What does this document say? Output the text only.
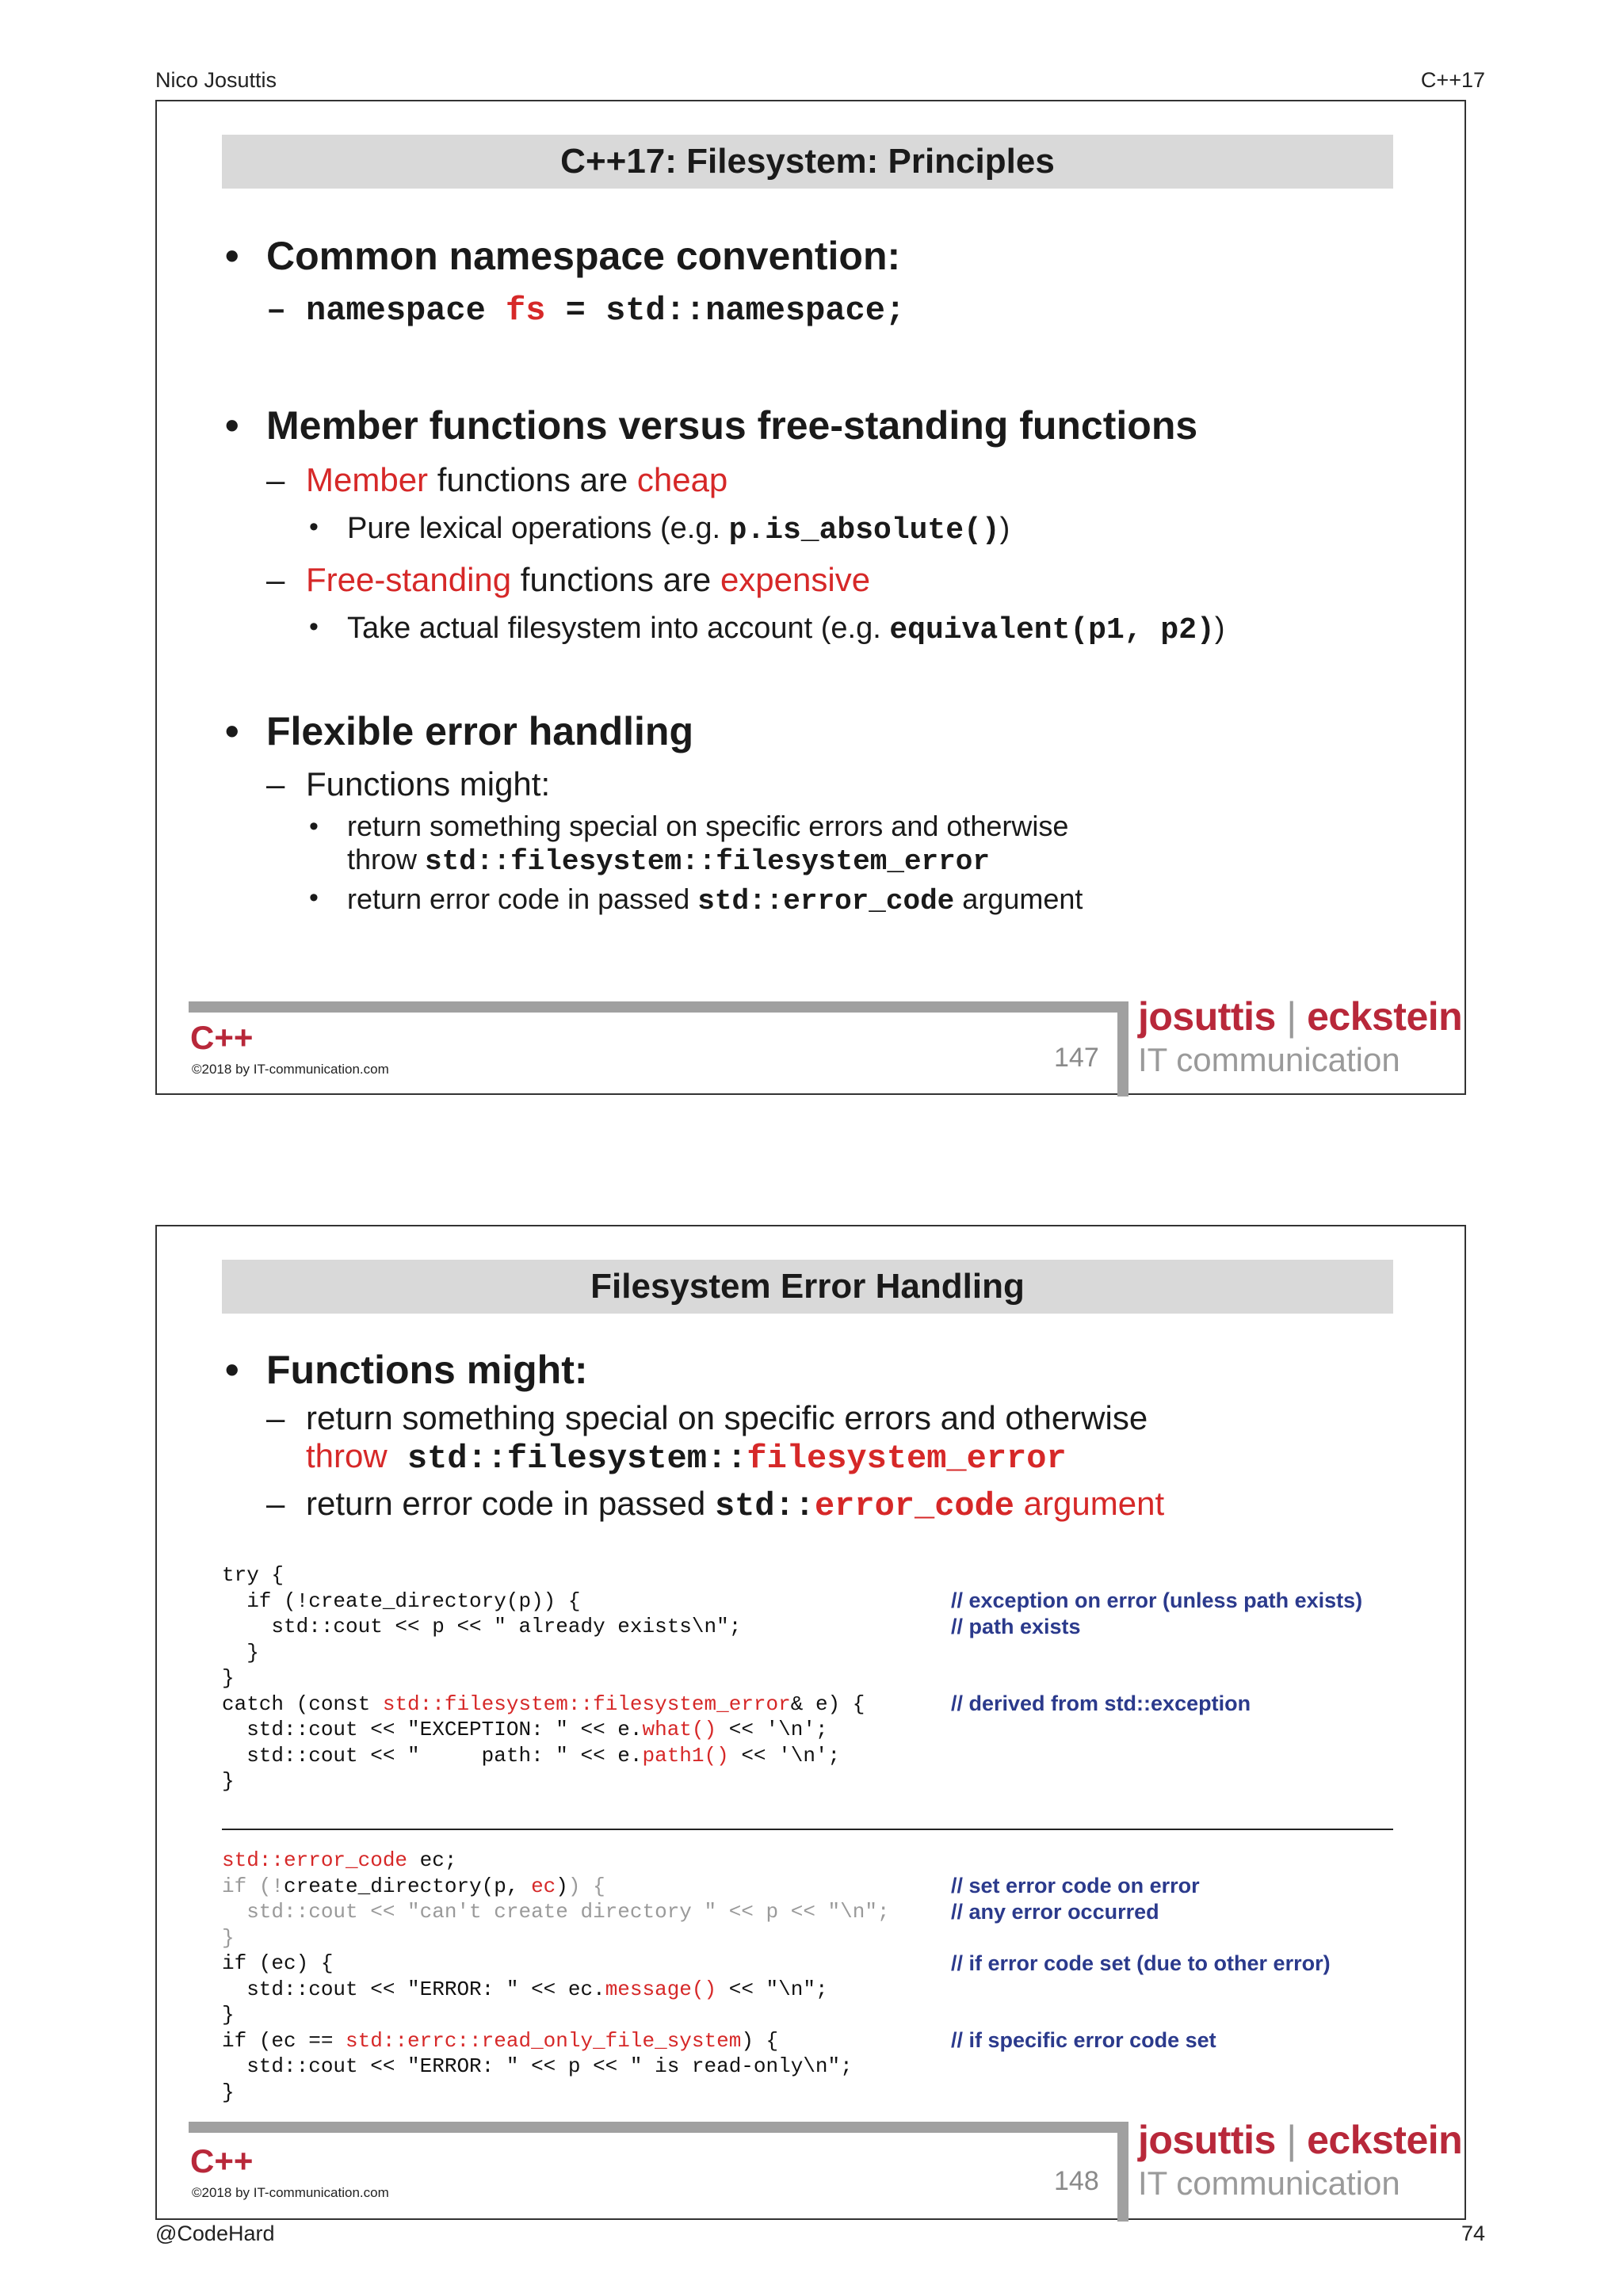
Nico Josuttis	C++17
C++17: Filesystem: Principles
• Common namespace convention:
– namespace fs = std::namespace;
• Member functions versus free-standing functions
– Member functions are cheap
• Pure lexical operations (e.g. p.is_absolute())
– Free-standing functions are expensive
• Take actual filesystem into account (e.g. equivalent(p1, p2))
• Flexible error handling
– Functions might:
• return something special on specific errors and otherwise
throw std::filesystem::filesystem_error
• return error code in passed std::error_code argument
C++
©2018 by IT-communication.com	147
josuttis | eckstein
IT communication
Filesystem Error Handling
• Functions might:
– return something special on specific errors and otherwise
throw std::filesystem::filesystem_error
– return error code in passed std::error_code argument
try {
if (!create_directory(p)) {
std::cout << p << " already exists\n";
}
}
catch (const std::filesystem::filesystem_error& e) {
std::cout << "EXCEPTION: " << e.what() << '\n';
std::cout << "     path: " << e.path1() << '\n';
}
// exception on error (unless path exists)
// path exists
// derived from std::exception
std::error_code ec;
if (!create_directory(p, ec)) {
std::cout << "can't create directory " << p << "\n";
}
if (ec) {
std::cout << "ERROR: " << ec.message() << "\n";
}
if (ec == std::errc::read_only_file_system) {
std::cout << "ERROR: " << p << " is read-only\n";
}
// set error code on error
// any error occurred
// if error code set (due to other error)
// if specific error code set
C++
©2018 by IT-communication.com	148
josuttis | eckstein
IT communication
@CodeHard	74
